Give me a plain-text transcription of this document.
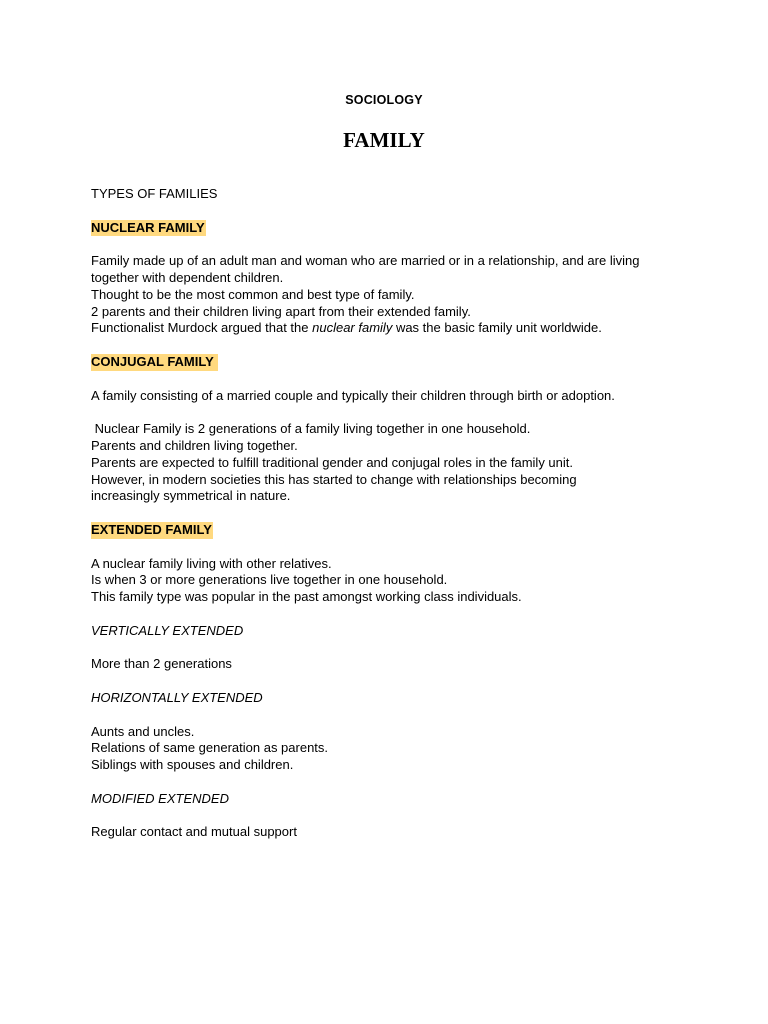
SOCIOLOGY

FAMILY

TYPES OF FAMILIES

NUCLEAR FAMILY

Family made up of an adult man and woman who are married or in a relationship, and are living

together with dependent children.

Thought to be the most common and best type of family.

2 parents and their children living apart from their extended family.

Functionalist Murdock argued that the nuclear family was the basic family unit worldwide.

CONJUGAL FAMILY

A family consisting of a married couple and typically their children through birth or adoption.

Nuclear Family is 2 generations of a family living together in one household.

Parents and children living together.

Parents are expected to fulfill traditional gender and conjugal roles in the family unit.

However, in modern societies this has started to change with relationships becoming

increasingly symmetrical in nature.

EXTENDED FAMILY

A nuclear family living with other relatives.

Is when 3 or more generations live together in one household.

This family type was popular in the past amongst working class individuals.

VERTICALLY EXTENDED

More than 2 generations

HORIZONTALLY EXTENDED

Aunts and uncles.

Relations of same generation as parents.

Siblings with spouses and children.

MODIFIED EXTENDED

Regular contact and mutual support
